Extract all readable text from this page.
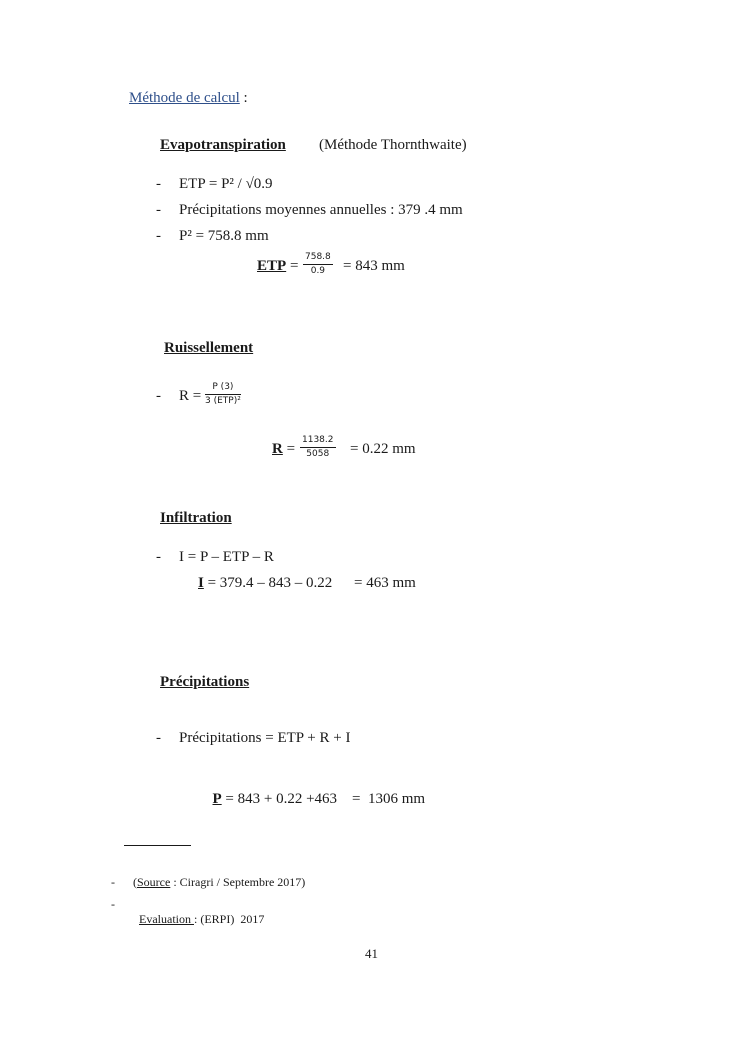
Méthode de calcul :
Evapotranspiration (Méthode Thornthwaite)
- ETP = P² / √0.9
- Précipitations moyennes annuelles : 379 .4 mm
- P² = 758.8 mm
ETP = $\frac{758.8}{0.9} = 843$ mm
Ruissellement
- R =
P (3)
3 (ETP)²
$R = \frac{1138.2}{5058} = 0.22$ mm
Infiltration
- I = P – ETP – R
I = 379.4 – 843 – 0.22 = 463 mm
Précipitations
- Précipitations = ETP + R + I

P = 843 + 0.22 +463    =  1306 mm

- (Source : Ciragri / Septembre 2017)
-

Evaluation : (ERPI)  2017

41
